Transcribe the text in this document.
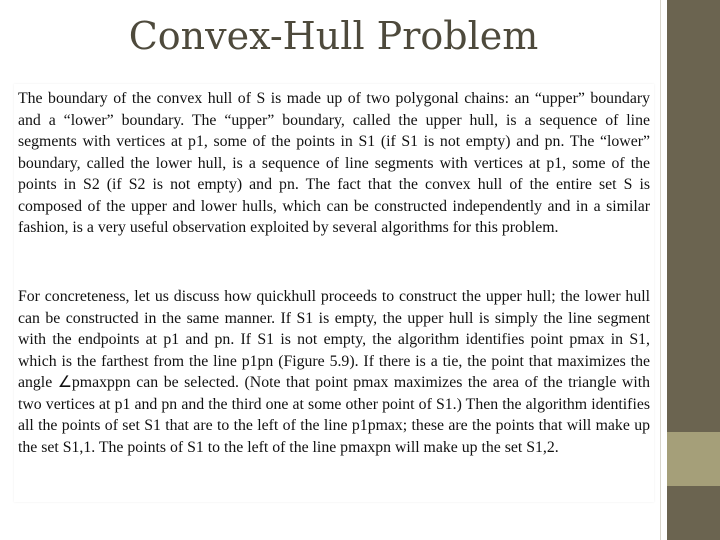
Convex-Hull Problem

The boundary of the convex hull of S is made up of two polygonal chains: an “upper” boundary and a “lower” boundary. The “upper” boundary, called the upper hull, is a sequence of line segments with vertices at p1, some of the points in S1 (if S1 is not empty) and pn. The “lower” boundary, called the lower hull, is a sequence of line segments with vertices at p1, some of the points in S2 (if S2 is not empty) and pn. The fact that the convex hull of the entire set S is composed of the upper and lower hulls, which can be constructed independently and in a similar fashion, is a very useful observation exploited by several algorithms for this problem.

For concreteness, let us discuss how quickhull proceeds to construct the upper hull; the lower hull can be constructed in the same manner. If S1 is empty, the upper hull is simply the line segment with the endpoints at p1 and pn. If S1 is not empty, the algorithm identifies point pmax in S1, which is the farthest from the line p1pn (Figure 5.9). If there is a tie, the point that maximizes the angle ∠pmaxppn can be selected. (Note that point pmax maximizes the area of the triangle with two vertices at p1 and pn and the third one at some other point of S1.) Then the algorithm identifies all the points of set S1 that are to the left of the line p1pmax; these are the points that will make up the set S1,1. The points of S1 to the left of the line pmaxpn will make up the set S1,2.
